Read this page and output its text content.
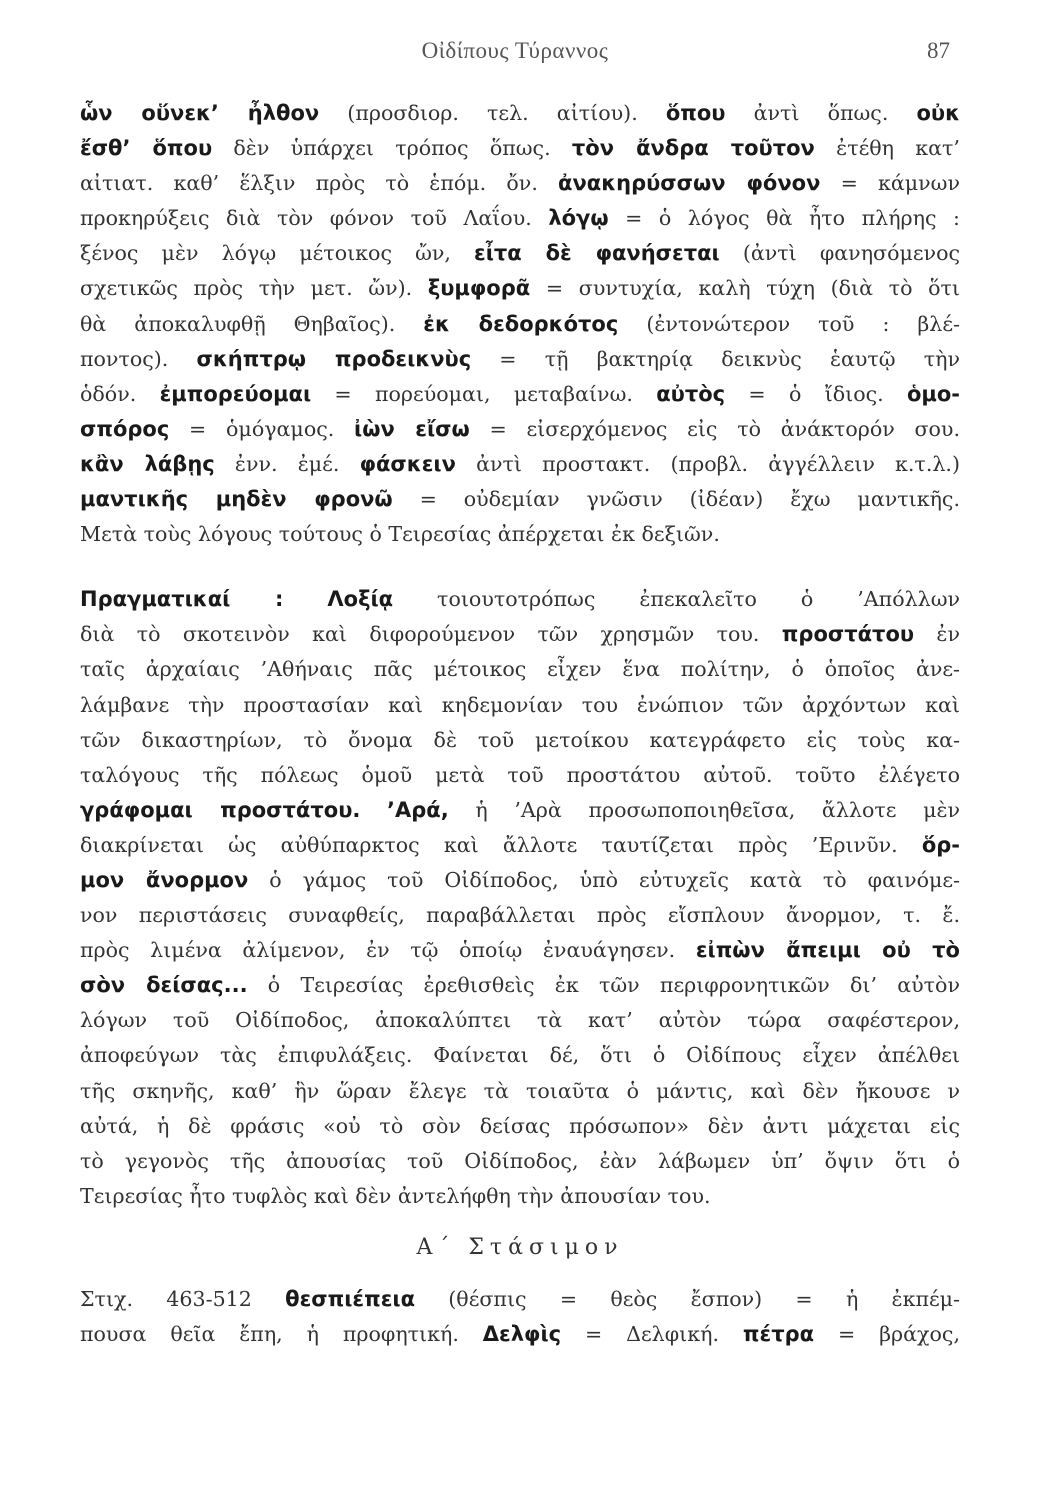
Οἰδίπους Τύραννος	87
ὧν οὕνεκ’ ἦλθον (προσδιορ. τελ. αἰτίου). ὅπου ἀντὶ ὅπως. οὐκ
ἔσθ’ ὅπου δὲν ὑπάρχει τρόπος ὅπως. τὸν ἄνδρα τοῦτον ἐτέθη κατ’
αἰτιατ. καθ’ ἕλξιν πρὸς τὸ ἑπόμ. ὄν. ἀνακηρύσσων φόνον = κάμνων
προκηρύξεις διὰ τὸν φόνον τοῦ Λαΐου. λόγῳ = ὁ λόγος θὰ ἦτο πλήρης :
ξένος μὲν λόγῳ μέτοικος ὤν, εἶτα δὲ φανήσεται (ἀντὶ φανησόμενος
σχετικῶς πρὸς τὴν μετ. ὤν). ξυμφορᾶ = συντυχία, καλὴ τύχη (διὰ τὸ ὅτι
θὰ ἀποκαλυφθῇ Θηβαῖος). ἐκ δεδορκότος (ἐντονώτερον τοῦ : βλέ-
ποντος). σκήπτρῳ προδεικνὺς = τῇ βακτηρίᾳ δεικνὺς ἑαυτῷ τὴν
ὁδόν. ἐμπορεύομαι = πορεύομαι, μεταβαίνω. αὐτὸς = ὁ ἴδιος. ὁμο-
σπόρος = ὁμόγαμος. ἰὼν εἴσω = εἰσερχόμενος εἰς τὸ ἀνάκτορόν σου.
κἂν λάβῃς ἐνν. ἐμέ. φάσκειν ἀντὶ προστακτ. (προβλ. ἀγγέλλειν κ.τ.λ.)
μαντικῆς μηδὲν φρονῶ = οὐδεμίαν γνῶσιν (ἰδέαν) ἔχω μαντικῆς.
Μετὰ τοὺς λόγους τούτους ὁ Τειρεσίας ἀπέρχεται ἐκ δεξιῶν.
Πραγματικαί : Λοξίᾳ τοιουτοτρόπως ἐπεκαλεῖτο ὁ ’Απόλλων
διὰ τὸ σκοτεινὸν καὶ διφορούμενον τῶν χρησμῶν του. προστάτου ἐν
ταῖς ἀρχαίαις ’Αθήναις πᾶς μέτοικος εἶχεν ἕνα πολίτην, ὁ ὁποῖος ἀνε-
λάμβανε τὴν προστασίαν καὶ κηδεμονίαν του ἐνώπιον τῶν ἀρχόντων καὶ
τῶν δικαστηρίων, τὸ ὄνομα δὲ τοῦ μετοίκου κατεγράφετο εἰς τοὺς κα-
ταλόγους τῆς πόλεως ὁμοῦ μετὰ τοῦ προστάτου αὐτοῦ. τοῦτο ἐλέγετο
γράφομαι προστάτου. ’Αρά, ἡ ’Αρὰ προσωποποιηθεῖσα, ἄλλοτε μὲν
διακρίνεται ὡς αὐθύπαρκτος καὶ ἄλλοτε ταυτίζεται πρὸς ’Ερινῦν. ὅρ-
μον ἄνορμον ὁ γάμος τοῦ Οἰδίποδος, ὑπὸ εὐτυχεῖς κατὰ τὸ φαινόμε-
νον περιστάσεις συναφθείς, παραβάλλεται πρὸς εἴσπλουν ἄνορμον, τ. ἔ.
πρὸς λιμένα ἀλίμενον, ἐν τῷ ὁποίῳ ἐναυάγησεν. εἰπὼν ἄπειμι οὐ τὸ
σὸν δείσας... ὁ Τειρεσίας ἐρεθισθεὶς ἐκ τῶν περιφρονητικῶν δι’ αὐτὸν
λόγων τοῦ Οἰδίποδος, ἀποκαλύπτει τὰ κατ’ αὐτὸν τώρα σαφέστερον,
ἀποφεύγων τὰς ἐπιφυλάξεις. Φαίνεται δέ, ὅτι ὁ Οἰδίπους εἶχεν ἀπέλθει
τῆς σκηνῆς, καθ’ ἣν ὥραν ἔλεγε τὰ τοιαῦτα ὁ μάντις, καὶ δὲν ἤκουσε ν
αὐτά, ἡ δὲ φράσις «οὐ τὸ σὸν δείσας πρόσωπον» δὲν ἀντι μάχεται εἰς
τὸ γεγονὸς τῆς ἀπουσίας τοῦ Οἰδίποδος, ἐὰν λάβωμεν ὑπ’ ὄψιν ὅτι ὁ
Τειρεσίας ἦτο τυφλὸς καὶ δὲν ἀντελήφθη τὴν ἀπουσίαν του.
Α΄ Στάσιμον
Στιχ. 463-512 θεσπιέπεια (θέσπις = θεὸς ἔσπον) = ἡ ἐκπέμ-
πουσα θεῖα ἔπη, ἡ προφητική. Δελφὶς = Δελφική. πέτρα = βράχος,
